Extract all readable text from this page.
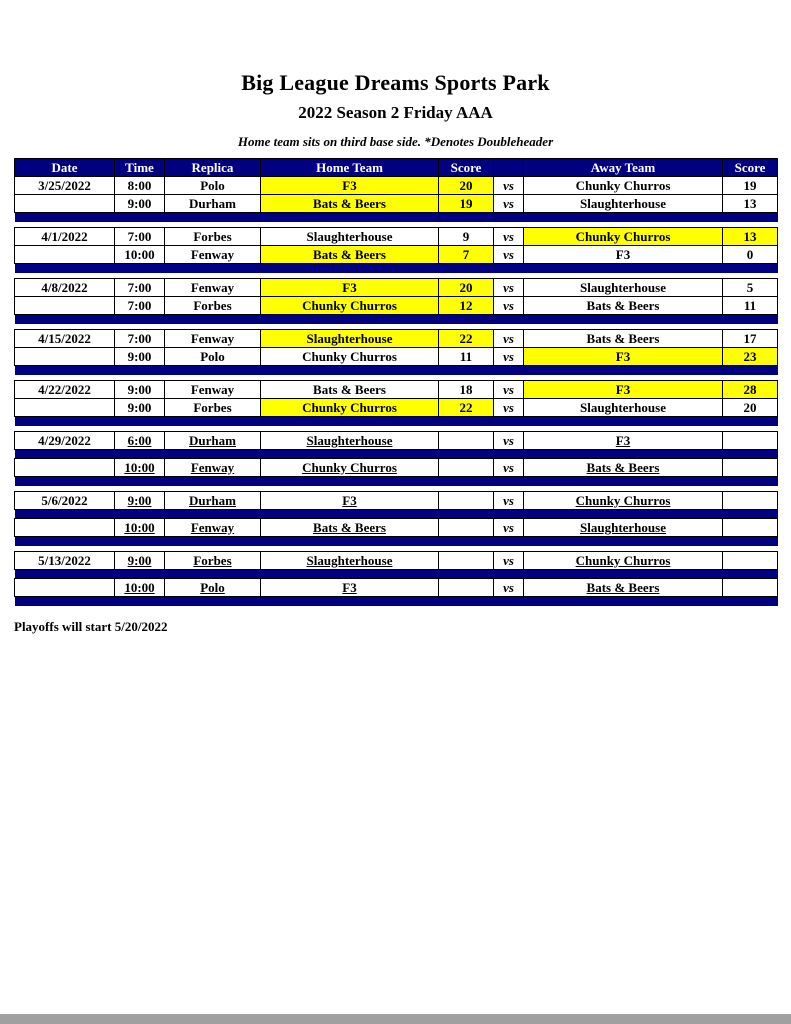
Big League Dreams Sports Park
2022 Season 2 Friday AAA
Home team sits on third base side. *Denotes Doubleheader
Date	Time	Replica	Home Team	Score		Away Team	Score
3/25/2022	8:00	Polo	F3	20	vs	Chunky Churros	19
	9:00	Durham	Bats & Beers	19	vs	Slaughterhouse	13

4/1/2022	7:00	Forbes	Slaughterhouse	9	vs	Chunky Churros	13
	10:00	Fenway	Bats & Beers	7	vs	F3	0

4/8/2022	7:00	Fenway	F3	20	vs	Slaughterhouse	5
	7:00	Forbes	Chunky Churros	12	vs	Bats & Beers	11

4/15/2022	7:00	Fenway	Slaughterhouse	22	vs	Bats & Beers	17
	9:00	Polo	Chunky Churros	11	vs	F3	23

4/22/2022	9:00	Fenway	Bats & Beers	18	vs	F3	28
	9:00	Forbes	Chunky Churros	22	vs	Slaughterhouse	20

4/29/2022	6:00	Durham	Slaughterhouse		vs	F3	

	10:00	Fenway	Chunky Churros		vs	Bats & Beers	

5/6/2022	9:00	Durham	F3		vs	Chunky Churros	

	10:00	Fenway	Bats & Beers		vs	Slaughterhouse	

5/13/2022	9:00	Forbes	Slaughterhouse		vs	Chunky Churros	

	10:00	Polo	F3		vs	Bats & Beers	

Playoffs will start 5/20/2022
